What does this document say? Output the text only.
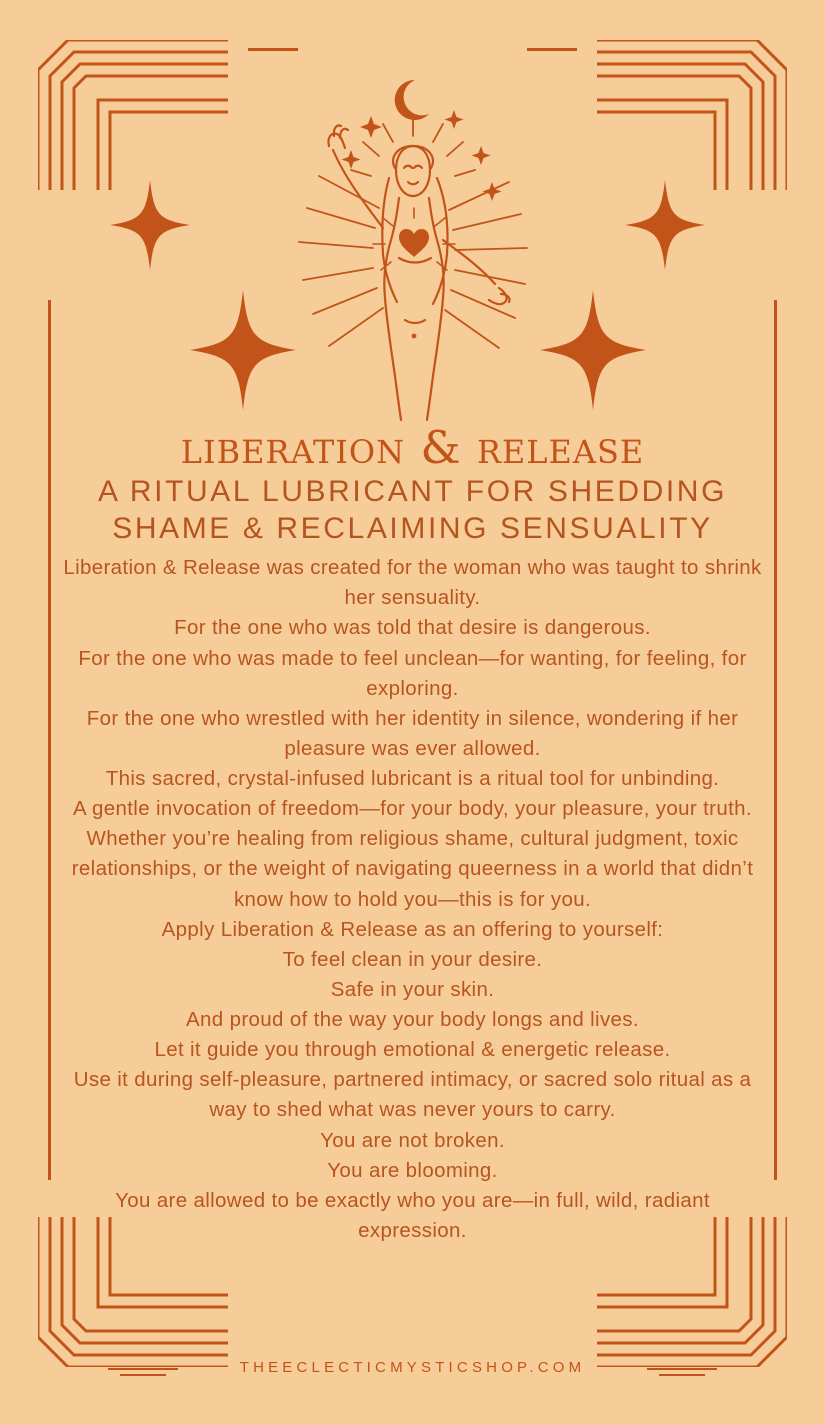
liberation & release
A RITUAL LUBRICANT FOR SHEDDING SHAME & RECLAIMING SENSUALITY

Liberation & Release was created for the woman who was taught to shrink her sensuality.

For the one who was told that desire is dangerous.

For the one who was made to feel unclean—for wanting, for feeling, for exploring.

For the one who wrestled with her identity in silence, wondering if her pleasure was ever allowed.

This sacred, crystal-infused lubricant is a ritual tool for unbinding.

A gentle invocation of freedom—for your body, your pleasure, your truth.

Whether you’re healing from religious shame, cultural judgment, toxic relationships, or the weight of navigating queerness in a world that didn’t know how to hold you—this is for you.

Apply Liberation & Release as an offering to yourself:

To feel clean in your desire.

Safe in your skin.

And proud of the way your body longs and lives.

Let it guide you through emotional & energetic release.

Use it during self-pleasure, partnered intimacy, or sacred solo ritual as a way to shed what was never yours to carry.

You are not broken.

You are blooming.

You are allowed to be exactly who you are—in full, wild, radiant expression.

THEECLECTICMYSTICSHOP.COM
